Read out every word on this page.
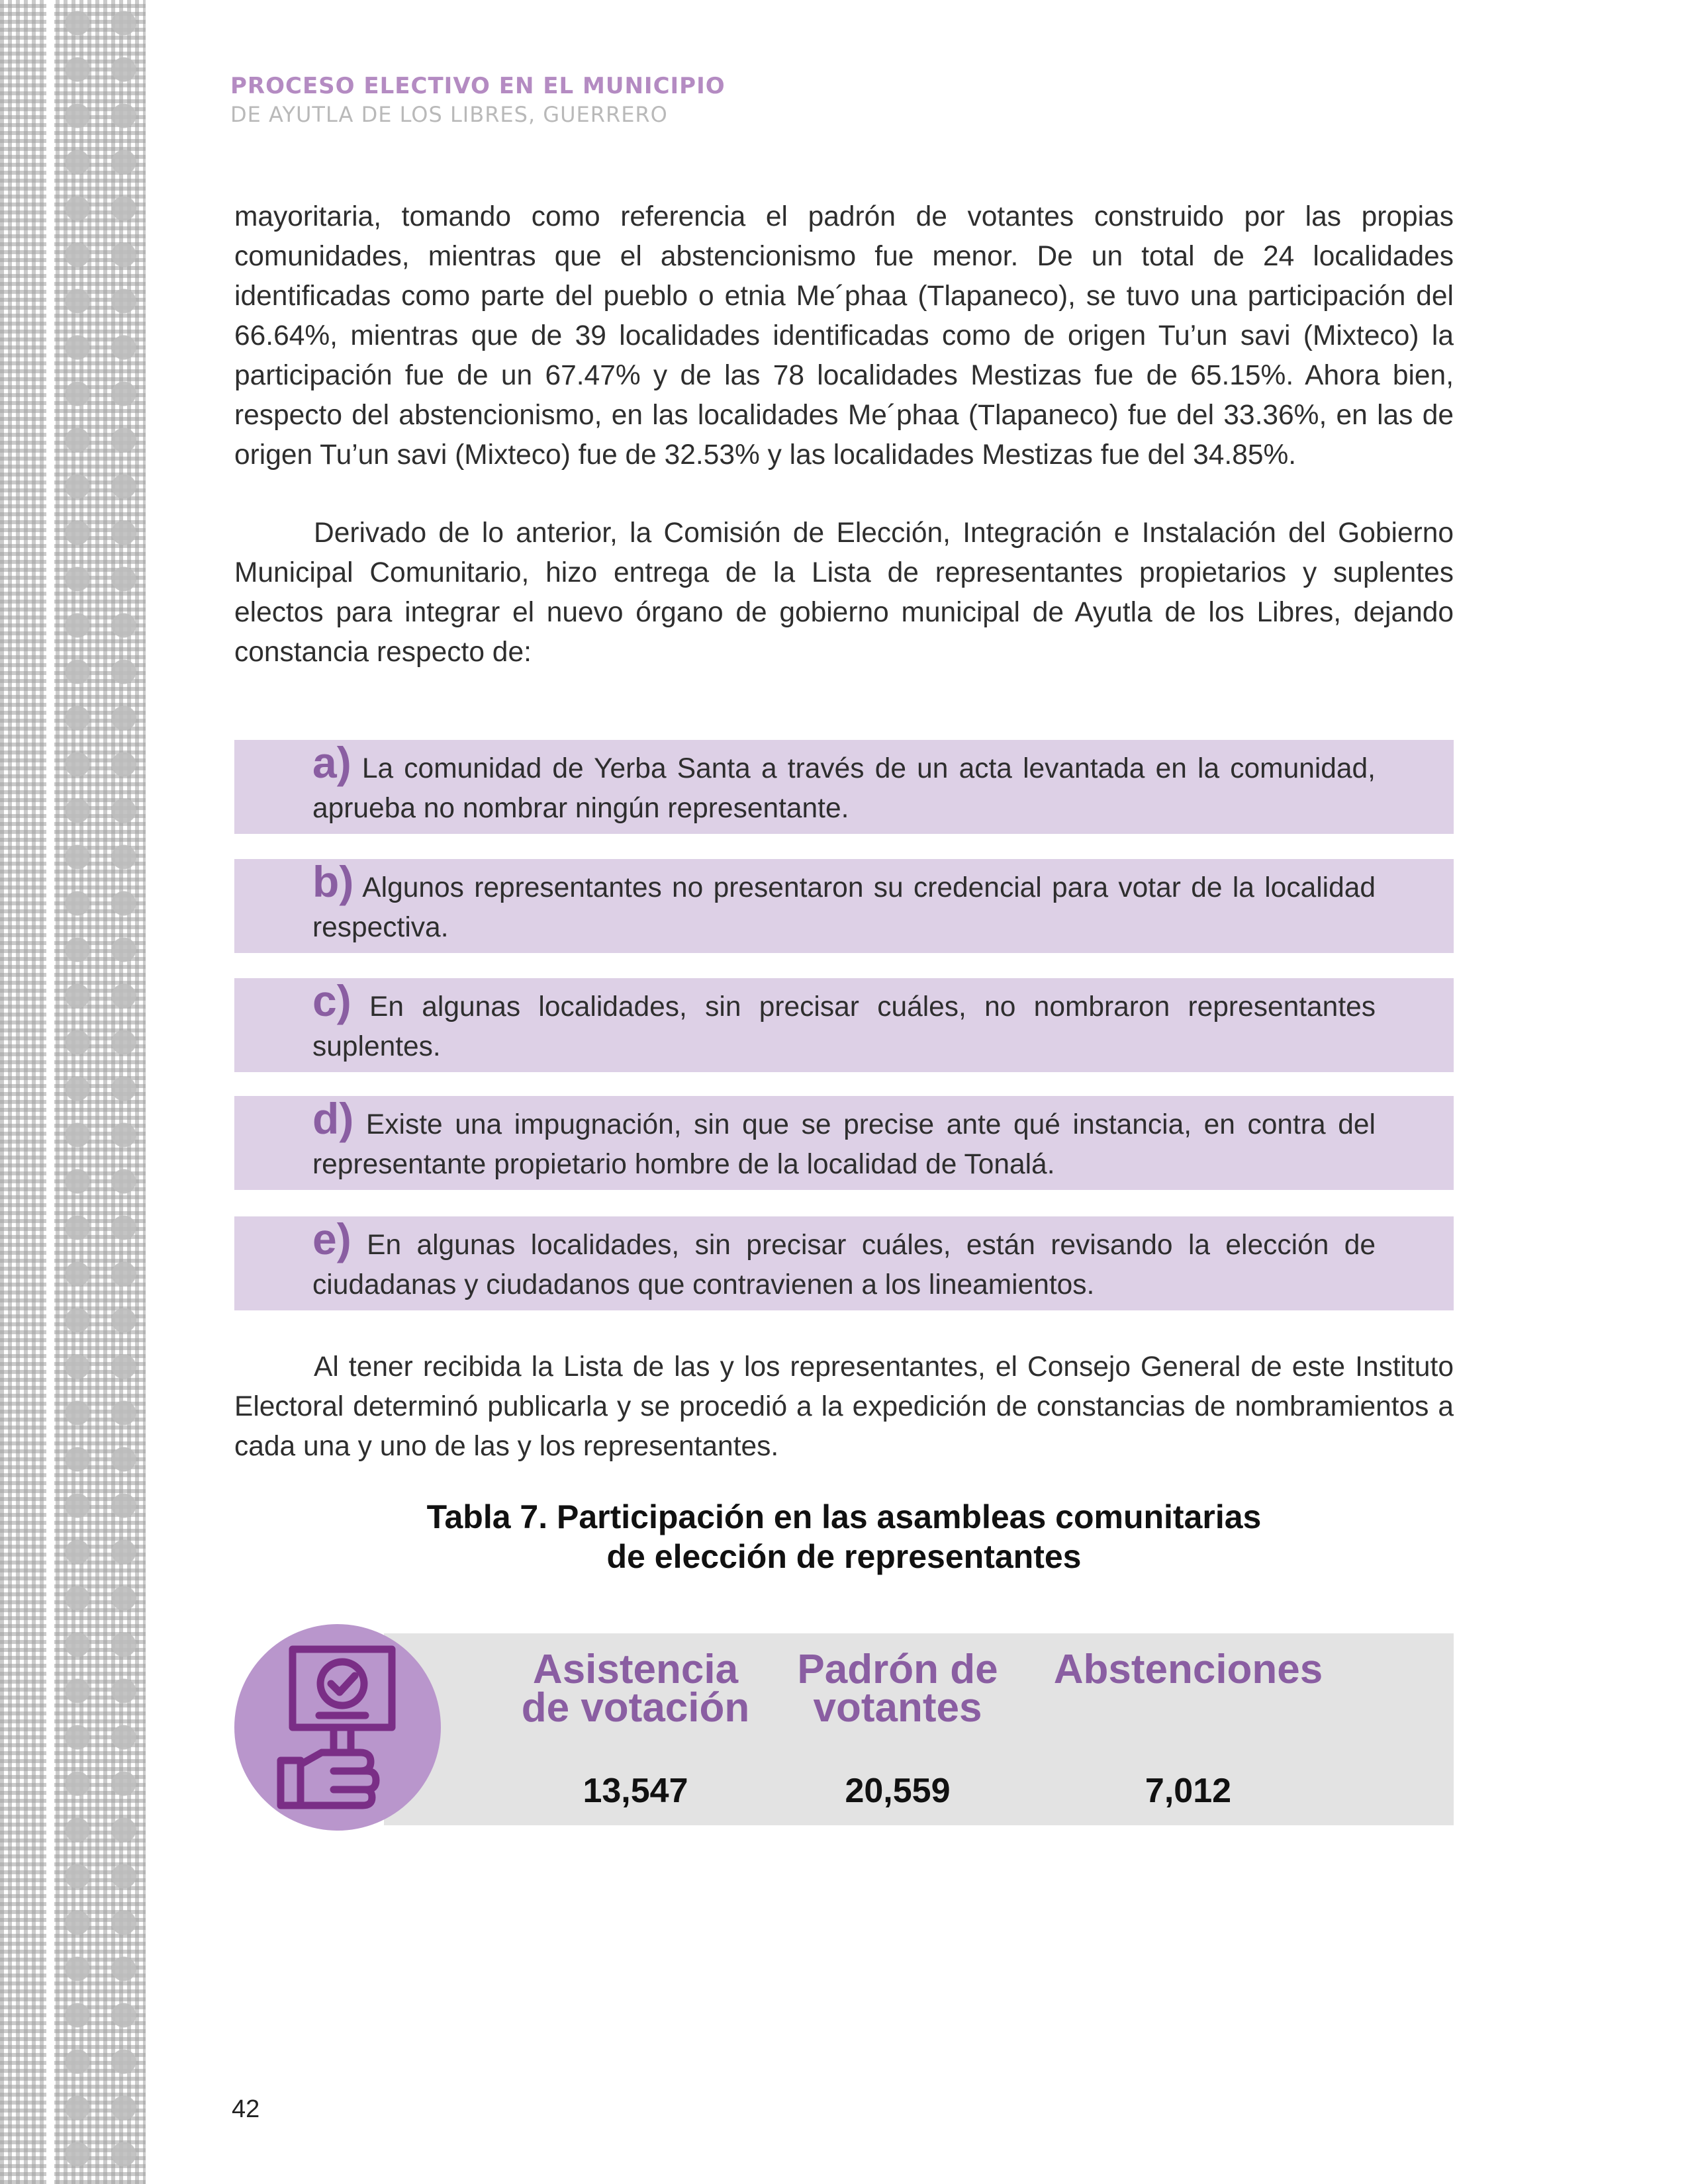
PROCESO ELECTIVO EN EL MUNICIPIO
DE AYUTLA DE LOS LIBRES, GUERRERO
mayoritaria, tomando como referencia el padrón de votantes construido por las propias comunidades, mientras que el abstencionismo fue menor. De un total de 24 localidades identificadas como parte del pueblo o etnia Me´phaa (Tlapaneco), se tuvo una participación del 66.64%, mientras que de 39 localidades identificadas como de origen Tu’un savi (Mixteco) la participación fue de un 67.47% y de las 78 localidades Mestizas fue de 65.15%. Ahora bien, respecto del abstencionismo, en las localidades Me´phaa (Tlapaneco) fue del 33.36%, en las de origen Tu’un savi (Mixteco) fue de 32.53% y las localidades Mestizas fue del 34.85%.
Derivado de lo anterior, la Comisión de Elección, Integración e Instalación del Gobierno Municipal Comunitario, hizo entrega de la Lista de representantes propietarios y suplentes electos para integrar el nuevo órgano de gobierno municipal de Ayutla de los Libres, dejando constancia respecto de:
a) La comunidad de Yerba Santa a través de un acta levantada en la comunidad, aprueba no nombrar ningún representante.
b) Algunos representantes no presentaron su credencial para votar de la localidad respectiva.
c) En algunas localidades, sin precisar cuáles, no nombraron representantes suplentes.
d) Existe una impugnación, sin que se precise ante qué instancia, en contra del representante propietario hombre de la localidad de Tonalá.
e) En algunas localidades, sin precisar cuáles, están revisando la elección de ciudadanas y ciudadanos que contravienen a los lineamientos.
Al tener recibida la Lista de las y los representantes, el Consejo General de este Instituto Electoral determinó publicarla y se procedió a la expedición de constancias de nombramientos a cada una y uno de las y los representantes.
Tabla 7. Participación en las asambleas comunitarias
de elección de representantes
Asistencia
de votación
13,547
Padrón de
votantes
20,559
Abstenciones
7,012
42
